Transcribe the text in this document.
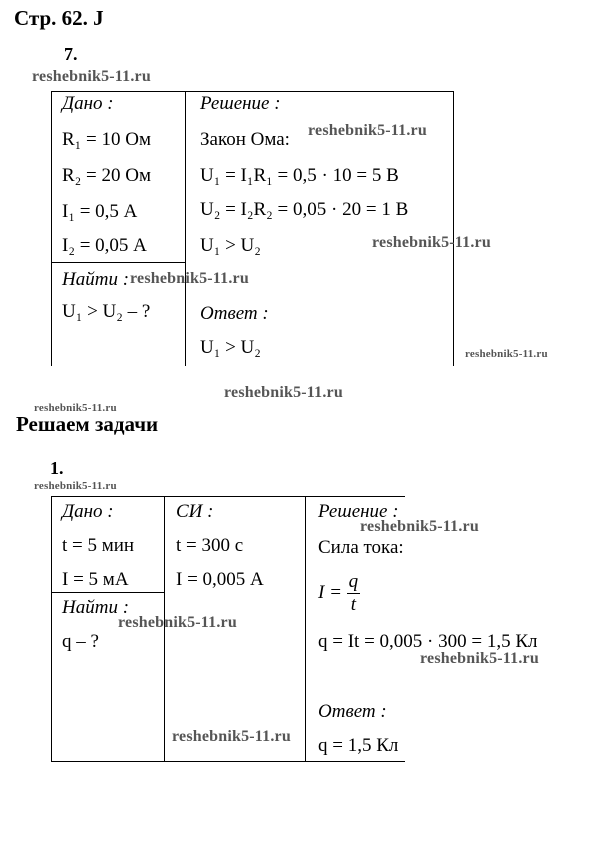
Стр. 62. J
7.
reshebnik5-11.ru
Дано :
R₁ = 10 Ом
R₂ = 20 Ом
I₁ = 0,5 А
I₂ = 0,05 А
Найти : reshebnik5-11.ru
U₁ > U₂ – ?
Решение :
Закон Ома: reshebnik5-11.ru
U₁ = I₁R₁ = 0,5 · 10 = 5 В
U₂ = I₂R₂ = 0,05 · 20 = 1 В
U₁ > U₂	reshebnik5-11.ru
Ответ :
U₁ > U₂	reshebnik5-11.ru
reshebnik5-11.ru
reshebnik5-11.ru
Решаем задачи
1.
reshebnik5-11.ru
Дано :
t = 5 мин
I = 5 мА
Найти :
q – ?
reshebnik5-11.ru
СИ :
t = 300 с
I = 0,005 А
reshebnik5-11.ru
Решение :
reshebnik5-11.ru
Сила тока:
$I = \frac{q}{t}$
q = It = 0,005 · 300 = 1,5 Кл
reshebnik5-11.ru
Ответ :
q = 1,5 Кл
